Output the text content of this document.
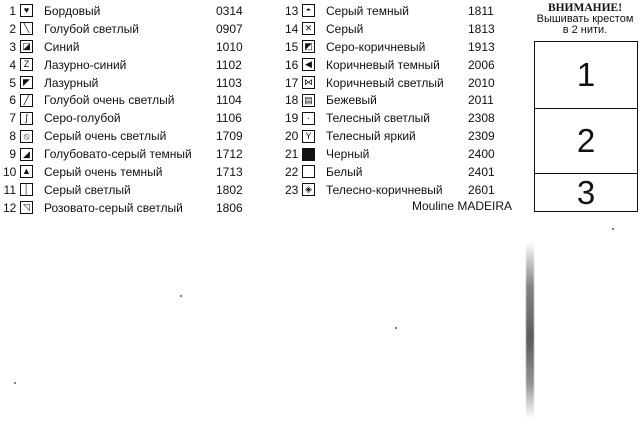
1 ♥	Бордовый	0314
2 ╲	Голубой светлый	0907
3 ◪ Синий	1010
4 Z	Лазурно-синий	1102
5 ◤ Лазурный	1103
6 ╱	Голубой очень светлый	1104
7	ʃ	Серо-голубой	1106
8 ⦸ Серый очень светлый	1709
9 ◢ Голубовато-серый темный	1712
10 ▲ Серый очень темный	1713
11 │	Серый светлый	1802
12 ◹ Розовато-серый светлый	1806
13 ◓	Серый темный	1811
14 ✕ Серый	1813
15 ◩ Серо-коричневый	1913
16 ◀ Коричневый темный	2006
17 ⋈ Коричневый светлый	2010
18 ▤ Бежевый	2011
19 ·	Телесный светлый	2308
20 Y Телесный яркий	2309
21 Черный	2400
22 Белый	2401
23 ◈ Телесно-коричневый	2601
Mouline MADEIRA
ВНИМАНИЕ!
Вышивать крестом
в 2 нити.
1
2
3
